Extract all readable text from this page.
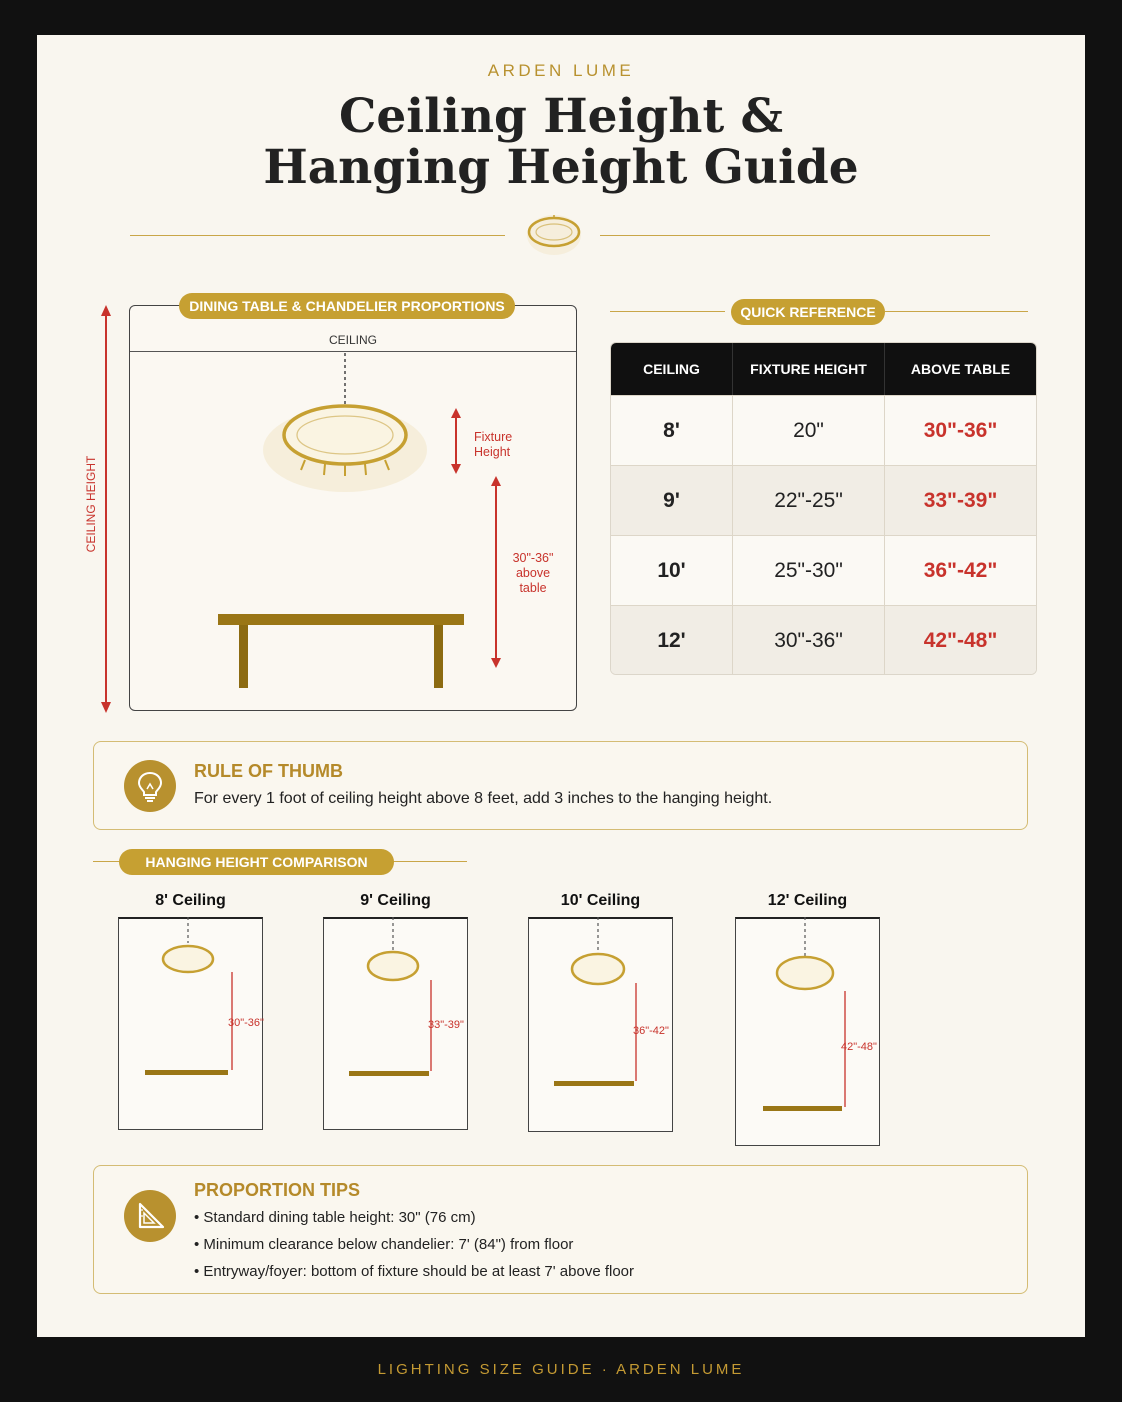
ARDEN LUME
Ceiling Height &
Hanging Height Guide
CEILING
Fixture
Height
30"-36"
above
table
DINING TABLE & CHANDELIER PROPORTIONS
CEILING HEIGHT
QUICK REFERENCE
CEILING	FIXTURE HEIGHT	ABOVE TABLE
8'	20"	30"-36"
9'	22"-25"	33"-39"
10'	25"-30"	36"-42"
12'	30"-36"	42"-48"
RULE OF THUMB
For every 1 foot of ceiling height above 8 feet, add 3 inches to the hanging height.
HANGING HEIGHT COMPARISON
8' Ceiling
30"-36"
9' Ceiling
33"-39"
10' Ceiling
36"-42"
12' Ceiling
42"-48"
PROPORTION TIPS
• Standard dining table height: 30" (76 cm)
• Minimum clearance below chandelier: 7' (84") from floor
• Entryway/foyer: bottom of fixture should be at least 7' above floor
LIGHTING SIZE GUIDE · ARDEN LUME
